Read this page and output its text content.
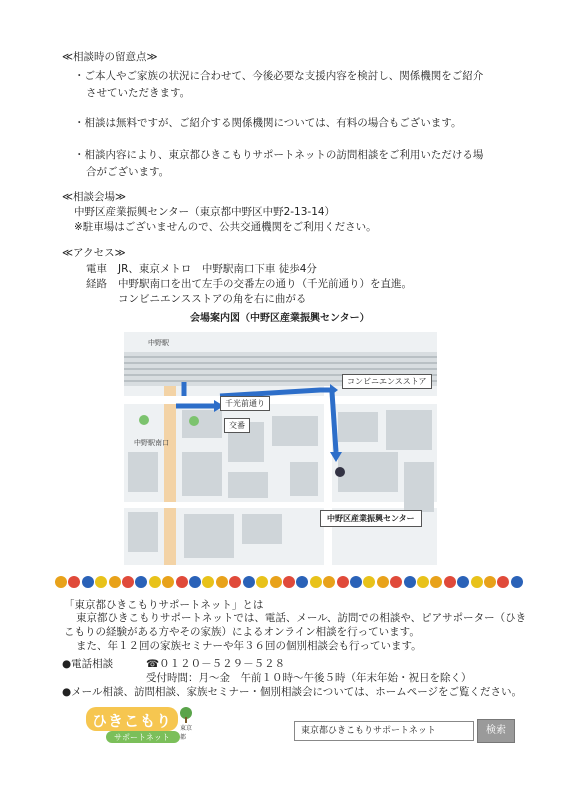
≪相談時の留意点≫
・ご本人やご家族の状況に合わせて、今後必要な支援内容を検討し、関係機関をご紹介
させていただきます。
・相談は無料ですが、ご紹介する関係機関については、有料の場合もございます。
・相談内容により、東京都ひきこもりサポートネットの訪問相談をご利用いただける場
合がございます。
≪相談会場≫
中野区産業振興センター（東京都中野区中野2-13-14）
※駐車場はございませんので、公共交通機関をご利用ください。
≪アクセス≫
電車 JR、東京メトロ　中野駅南口下車 徒歩4分
経路 中野駅南口を出て左手の交番左の通り（千光前通り）を直進。
コンビニエンスストアの角を右に曲がる
会場案内図（中野区産業振興センター）
中野駅
中野駅南口
千光前通り
交番
コンビニエンスストア
中野区産業振興センター
「東京都ひきこもりサポートネット」とは
東京都ひきこもりサポートネットでは、電話、メール、訪問での相談や、ピアサポーター（ひき
こもりの経験がある方やその家族）によるオンライン相談を行っています。
また、年１２回の家族セミナーや年３６回の個別相談会も行っています。
●電話相談	☎０１２０－５２９－５２８
受付時間：月～金　午前１０時～午後５時（年末年始・祝日を除く）
●メール相談、訪問相談、家族セミナー・個別相談会については、ホームページをご覧ください。
ひきこもり
サポートネット
東京都
東京都ひきこもりサポートネット	検索
